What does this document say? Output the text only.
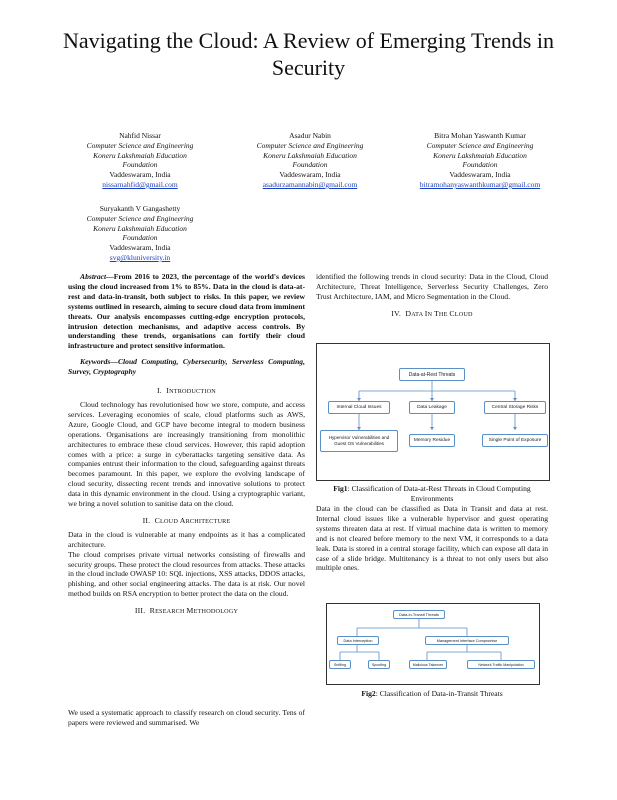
Navigating the Cloud: A Review of Emerging Trends in Security
Nahfid Nissar
Computer Science and Engineering
Koneru Lakshmaiah Education
Foundation
Vaddeswaram, India
nissarnahfid@gmail.com
Asadur Nabin
Computer Science and Engineering
Koneru Lakshmaiah Education
Foundation
Vaddeswaram, India
asadurzamannabin@gmail.com
Bitra Mohan Yaswanth Kumar
Computer Science and Engineering
Koneru Lakshmaiah Education
Foundation
Vaddeswaram, India
bitramohanyaswanthkumar@gmail.com
Suryakanth V Gangashetty
Computer Science and Engineering
Koneru Lakshmaiah Education
Foundation
Vaddeswaram, India
svg@kluniversity.in

Abstract—From 2016 to 2023, the percentage of the world's devices using the cloud increased from 1% to 85%. Data in the cloud is data-at-rest and data-in-transit, both subject to risks. In this paper, we review systems outlined in research, aiming to secure cloud data from imminent threats. Our analysis encompasses cutting-edge encryption protocols, intrusion detection mechanisms, and adaptive access controls. By understanding these trends, organisations can fortify their cloud infrastructure and protect sensitive information.

Keywords—Cloud Computing, Cybersecurity, Serverless Computing, Survey, Cryptography

I. INTRODUCTION

Cloud technology has revolutionised how we store, compute, and access services. Leveraging economies of scale, cloud platforms such as AWS, Azure, Google Cloud, and GCP have become integral to modern business operations. Organisations are increasingly transitioning from monolithic architectures to embrace these cloud services. However, this rapid adoption comes with a price: a surge in cyberattacks targeting sensitive data. As companies entrust their information to the cloud, safeguarding against threats becomes paramount. In this paper, we explore the evolving landscape of cloud security, dissecting recent trends and innovative solutions to protect data in this dynamic environment in the cloud. Using a cryptographic variant, we bring a novel solution to sanitise data on the cloud.

II. CLOUD ARCHITECTURE

Data in the cloud is vulnerable at many endpoints as it has a complicated architecture.

The cloud comprises private virtual networks consisting of firewalls and security groups. These protect the cloud resources from attacks. These attacks in the cloud include OWASP 10: SQL injections, XSS attacks, DDOS attacks, phishing, and other social engineering attacks. The data is at risk. Our novel method builds on RSA encryption to better protect the data on the cloud.

III. RESEARCH METHODOLOGY

We used a systematic approach to classify research on cloud security. Tens of papers were reviewed and summarised. We

identified the following trends in cloud security: Data in the Cloud, Cloud Architecture, Threat Intelligence, Serverless Security Challenges, Zero Trust Architecture, IAM, and Micro Segmentation in the Cloud.

IV. DATA IN THE CLOUD
Data-at-Rest Threats
Internal Cloud Issues	Data Leakage	Central Storage Risks
Hypervisor Vulnerabilities and Guest OS Vulnerabilities
Memory Residue	Single Point of Exposure
Fig1: Classification of Data-at-Rest Threats in Cloud Computing Environments

Data in the cloud can be classified as Data in Transit and data at rest. Internal cloud issues like a vulnerable hypervisor and guest operating systems threaten data at rest. If virtual machine data is written to memory and is not cleared before memory to the next VM, it corresponds to a data leak. Data is stored in a central storage facility, which can expose all data in case of a slide bridge. Multitenancy is a threat to not only users but also multiple ones.

Data-in-Transit Threats
Data Interception	Management Interface Compromise
Sniffing	Spoofing	Malicious Takeover	Network Traffic Manipulation
Fig2: Classification of Data-in-Transit Threats
